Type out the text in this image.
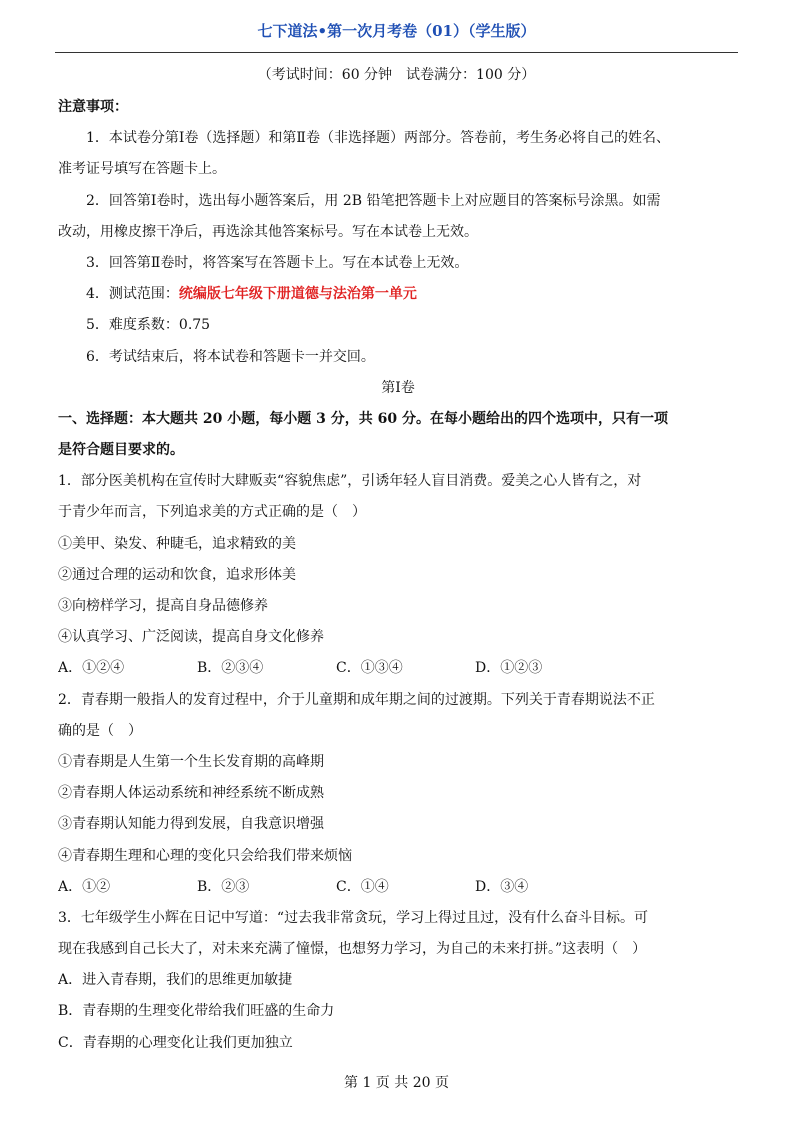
七下道法•第一次月考卷（01）（学生版）
（考试时间：60 分钟　试卷满分：100 分）
注意事项：
1．本试卷分第Ⅰ卷（选择题）和第Ⅱ卷（非选择题）两部分。答卷前，考生务必将自己的姓名、
准考证号填写在答题卡上。
2．回答第Ⅰ卷时，选出每小题答案后，用 2B 铅笔把答题卡上对应题目的答案标号涂黑。如需
改动，用橡皮擦干净后，再选涂其他答案标号。写在本试卷上无效。
3．回答第Ⅱ卷时，将答案写在答题卡上。写在本试卷上无效。
4．测试范围：统编版七年级下册道德与法治第一单元
5．难度系数：0.75
6．考试结束后，将本试卷和答题卡一并交回。
第Ⅰ卷
一、选择题：本大题共 20 小题，每小题 3 分，共 60 分。在每小题给出的四个选项中，只有一项
是符合题目要求的。
1．部分医美机构在宣传时大肆贩卖“容貌焦虑”，引诱年轻人盲目消费。爱美之心人皆有之，对
于青少年而言，下列追求美的方式正确的是（　）
①美甲、染发、种睫毛，追求精致的美
②通过合理的运动和饮食，追求形体美
③向榜样学习，提高自身品德修养
④认真学习、广泛阅读，提高自身文化修养
A．①②④	B．②③④	C．①③④	D．①②③
2．青春期一般指人的发育过程中，介于儿童期和成年期之间的过渡期。下列关于青春期说法不正
确的是（　）
①青春期是人生第一个生长发育期的高峰期
②青春期人体运动系统和神经系统不断成熟
③青春期认知能力得到发展，自我意识增强
④青春期生理和心理的变化只会给我们带来烦恼
A．①②	B．②③	C．①④	D．③④
3．七年级学生小辉在日记中写道：“过去我非常贪玩，学习上得过且过，没有什么奋斗目标。可
现在我感到自己长大了，对未来充满了憧憬，也想努力学习，为自己的未来打拼。”这表明（　）
A．进入青春期，我们的思维更加敏捷
B．青春期的生理变化带给我们旺盛的生命力
C．青春期的心理变化让我们更加独立
第 1 页 共 20 页
